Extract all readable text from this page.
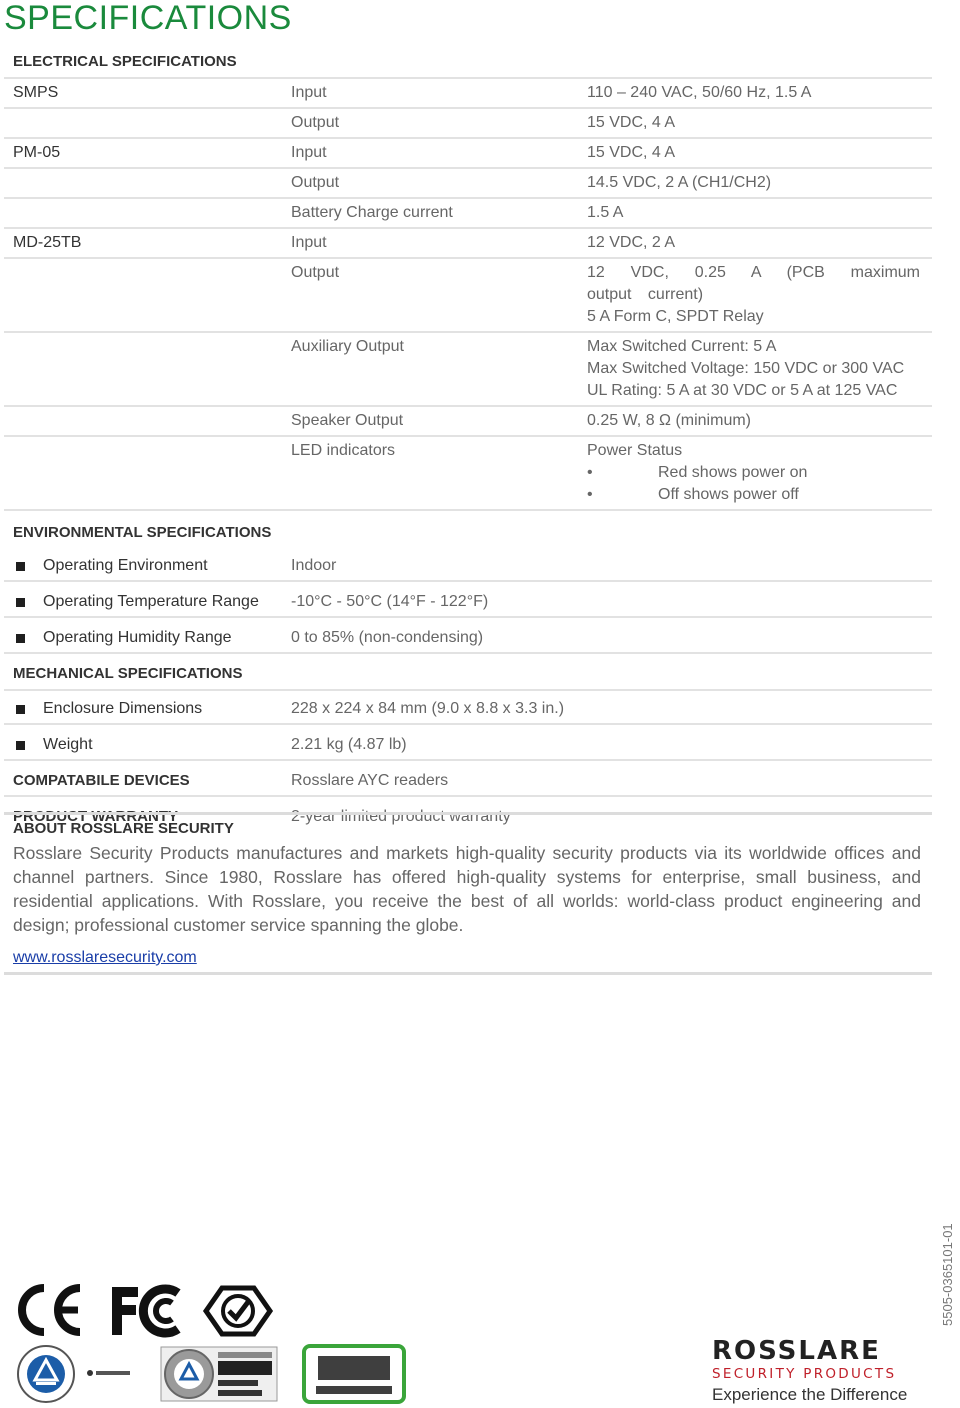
SPECIFICATIONS
ELECTRICAL SPECIFICATIONS
SMPS	Input	110 – 240 VAC, 50/60 Hz, 1.5 A
Output	15 VDC, 4 A
PM-05	Input	15 VDC, 4 A
Output	14.5 VDC, 2 A (CH1/CH2)
Battery Charge current	1.5 A
MD-25TB	Input	12 VDC, 2 A
Output	12 VDC, 0.25 A (PCB maximum output current)
5 A Form C, SPDT Relay
Auxiliary Output	Max Switched Current: 5 A
Max Switched Voltage: 150 VDC or 300 VAC
UL Rating: 5 A at 30 VDC or 5 A at 125 VAC
Speaker Output	0.25 W, 8 Ω (minimum)
LED indicators	Power Status
•	Red shows power on
•	Off shows power off
ENVIRONMENTAL SPECIFICATIONS
Operating Environment	Indoor
Operating Temperature Range -10°C - 50°C (14°F - 122°F)
Operating Humidity Range	0 to 85% (non-condensing)
MECHANICAL SPECIFICATIONS
Enclosure Dimensions	228 x 224 x 84 mm (9.0 x 8.8 x 3.3 in.)
Weight	2.21 kg (4.87 lb)
COMPATABILE DEVICES	Rosslare AYC readers
PRODUCT WARRANTY	2-year limited product warranty
ABOUT ROSSLARE SECURITY
Rosslare Security Products manufactures and markets high-quality security products via its worldwide offices and channel partners. Since 1980, Rosslare has offered high-quality systems for enterprise, small business, and residential applications. With Rosslare, you receive the best of all worlds: world-class product engineering and design; professional customer service spanning the globe.
www.rosslaresecurity.com
5505-0365101-01
ROSSLARE
SECURITY PRODUCTS
Experience the Difference
